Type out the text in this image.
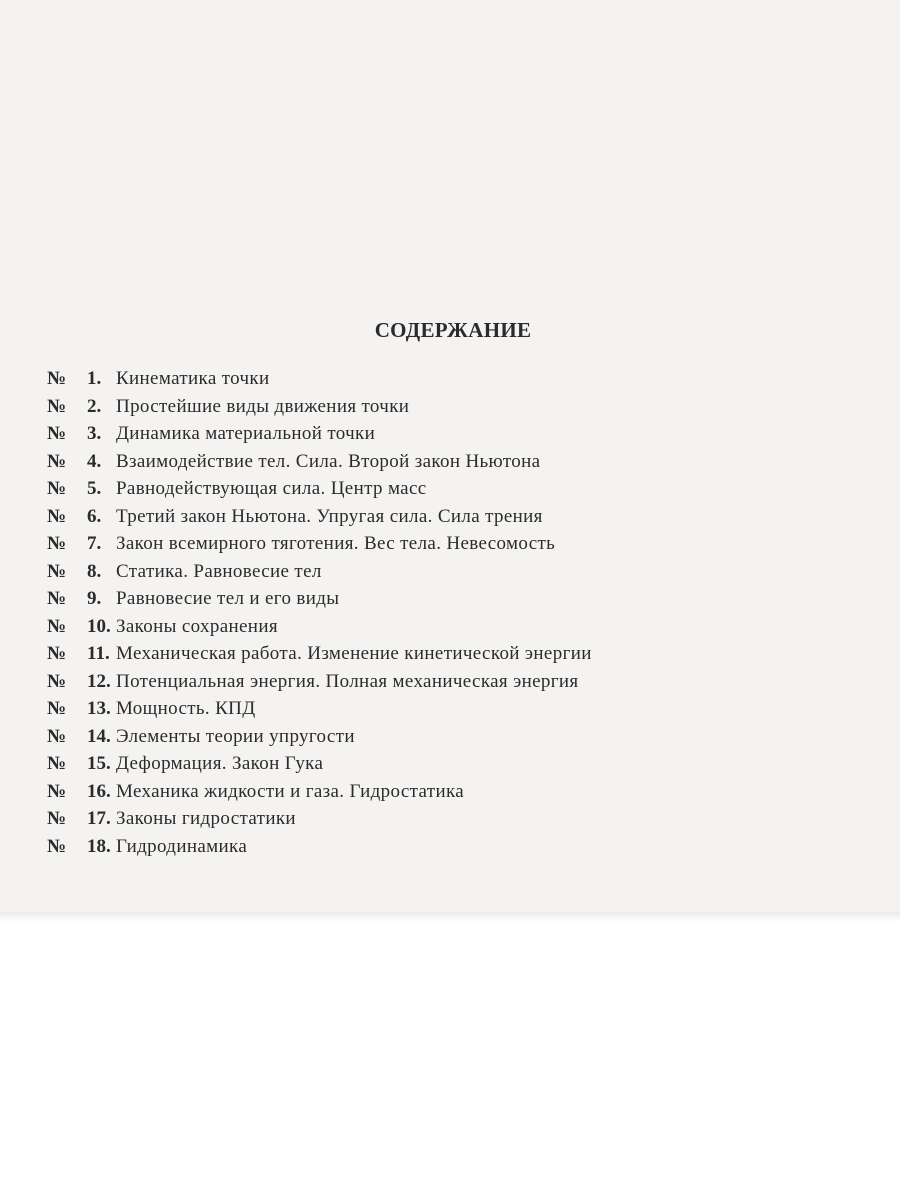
СОДЕРЖАНИЕ
№ 1. Кинематика точки
№ 2. Простейшие виды движения точки
№ 3. Динамика материальной точки
№ 4. Взаимодействие тел. Сила. Второй закон Ньютона
№ 5. Равнодействующая сила. Центр масс
№ 6. Третий закон Ньютона. Упругая сила. Сила трения
№ 7. Закон всемирного тяготения. Вес тела. Невесомость
№ 8. Статика. Равновесие тел
№ 9. Равновесие тел и его виды
№ 10. Законы сохранения
№ 11. Механическая работа. Изменение кинетической энергии
№ 12. Потенциальная энергия. Полная механическая энергия
№ 13. Мощность. КПД
№ 14. Элементы теории упругости
№ 15. Деформация. Закон Гука
№ 16. Механика жидкости и газа. Гидростатика
№ 17. Законы гидростатики
№ 18. Гидродинамика
